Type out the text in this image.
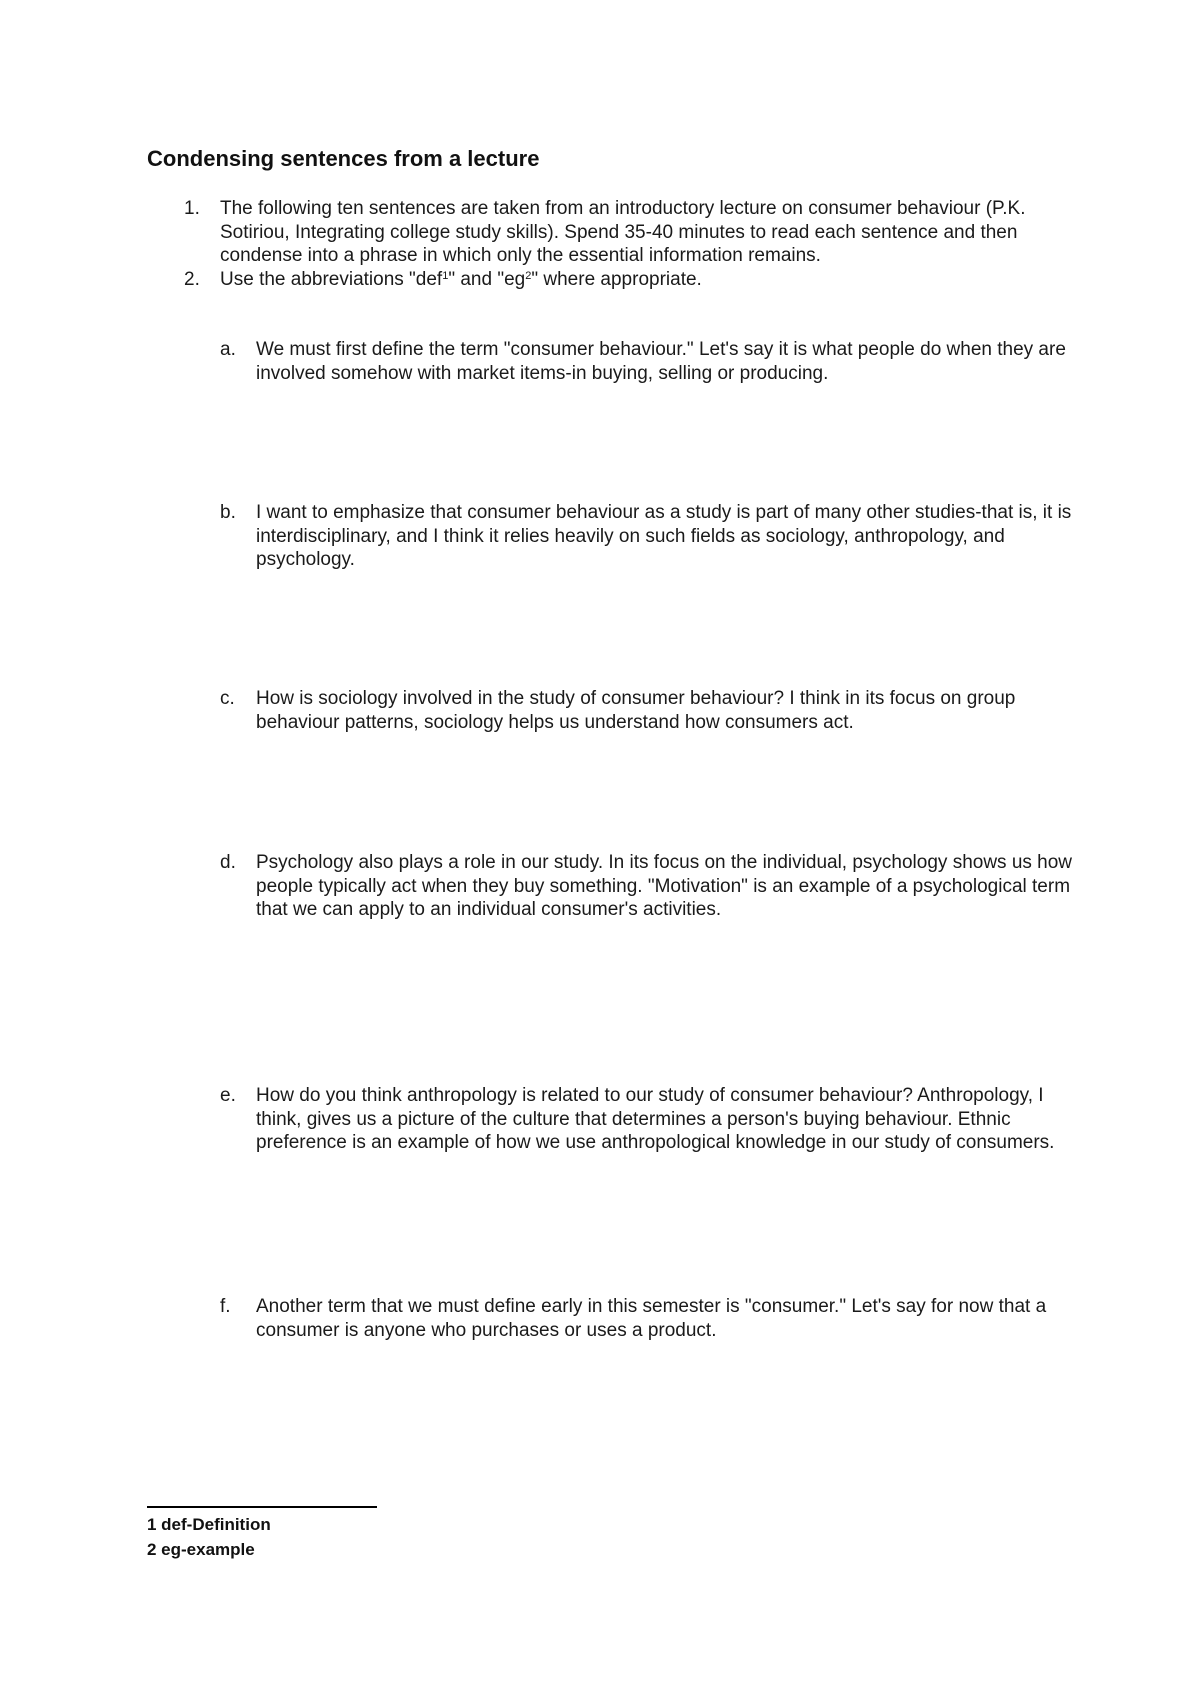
Condensing sentences from a lecture
1. The following ten sentences are taken from an introductory lecture on consumer behaviour (P.K. Sotiriou, Integrating college study skills). Spend 35-40 minutes to read each sentence and then condense into a phrase in which only the essential information remains.
2. Use the abbreviations "def$^1$" and "$eg^2$" where appropriate.
a. We must first define the term "consumer behaviour." Let's say it is what people do when they are involved somehow with market items-in buying, selling or producing.
b. I want to emphasize that consumer behaviour as a study is part of many other studies-that is, it is interdisciplinary, and I think it relies heavily on such fields as sociology, anthropology, and psychology.
c. How is sociology involved in the study of consumer behaviour? I think in its focus on group behaviour patterns, sociology helps us understand how consumers act.
d. Psychology also plays a role in our study. In its focus on the individual, psychology shows us how people typically act when they buy something. "Motivation" is an example of a psychological term that we can apply to an individual consumer's activities.
e. How do you think anthropology is related to our study of consumer behaviour? Anthropology, I think, gives us a picture of the culture that determines a person's buying behaviour. Ethnic preference is an example of how we use anthropological knowledge in our study of consumers.
f. Another term that we must define early in this semester is "consumer." Let's say for now that a consumer is anyone who purchases or uses a product.
1 def-Definition
2 eg-example
